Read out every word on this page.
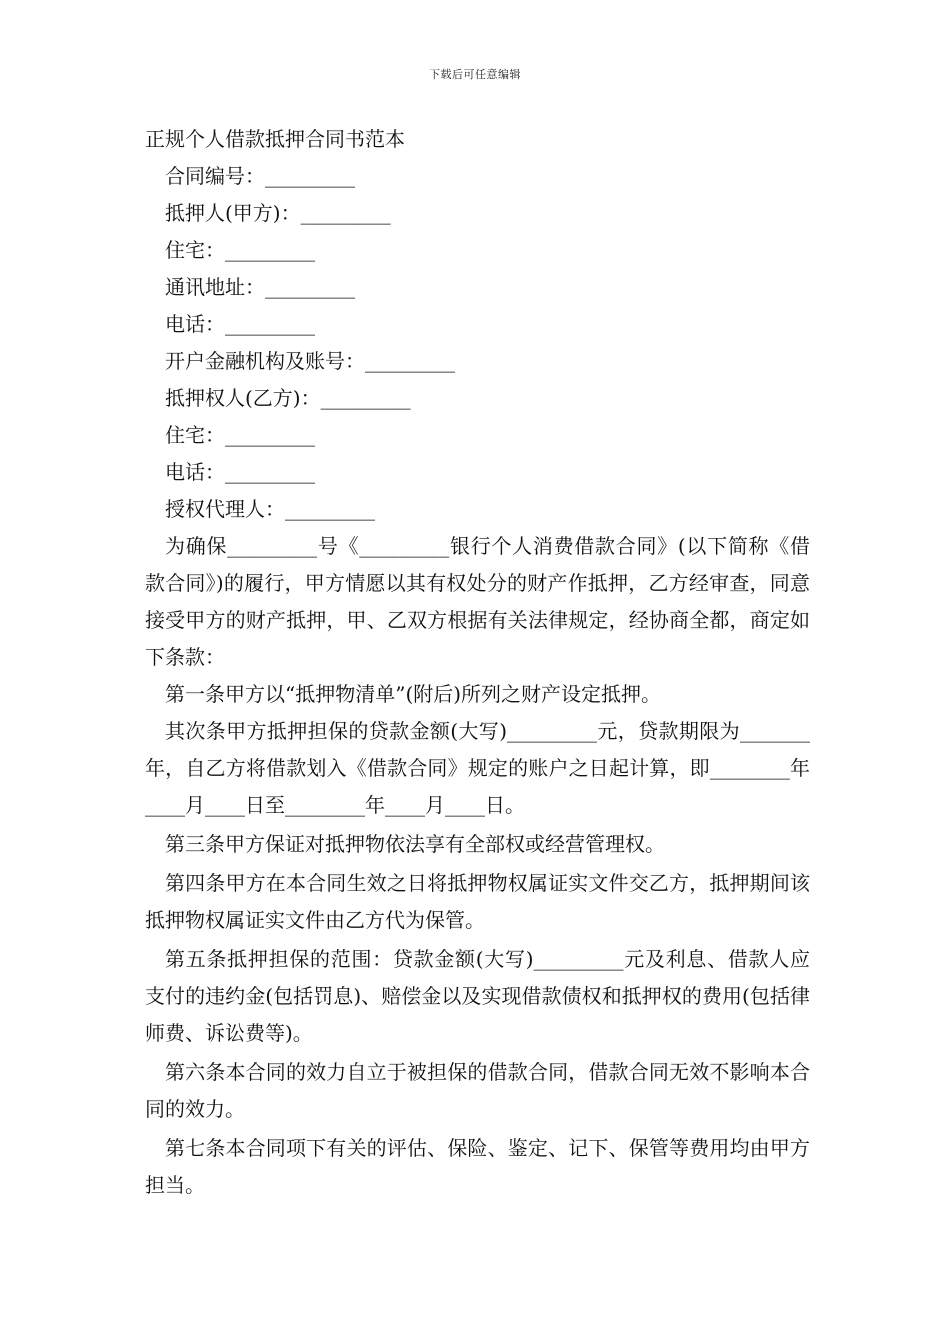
下载后可任意编辑
正规个人借款抵押合同书范本
合同编号：_________
抵押人(甲方)：_________
住宅：_________
通讯地址：_________
电话：_________
开户金融机构及账号：_________
抵押权人(乙方)：_________
住宅：_________
电话：_________
授权代理人：_________
为确保_________号《_________银行个人消费借款合同》(以下简称《借款合同》)的履行，甲方情愿以其有权处分的财产作抵押，乙方经审查，同意接受甲方的财产抵押，甲、乙双方根据有关法律规定，经协商全都，商定如下条款：
第一条甲方以“抵押物清单”(附后)所列之财产设定抵押。
其次条甲方抵押担保的贷款金额(大写)_________元，贷款期限为_______年，自乙方将借款划入《借款合同》规定的账户之日起计算，即________年____月____日至________年____月____日。
第三条甲方保证对抵押物依法享有全部权或经营管理权。
第四条甲方在本合同生效之日将抵押物权属证实文件交乙方，抵押期间该抵押物权属证实文件由乙方代为保管。
第五条抵押担保的范围：贷款金额(大写)_________元及利息、借款人应支付的违约金(包括罚息)、赔偿金以及实现借款债权和抵押权的费用(包括律师费、诉讼费等)。
第六条本合同的效力自立于被担保的借款合同，借款合同无效不影响本合同的效力。
第七条本合同项下有关的评估、保险、鉴定、记下、保管等费用均由甲方担当。
